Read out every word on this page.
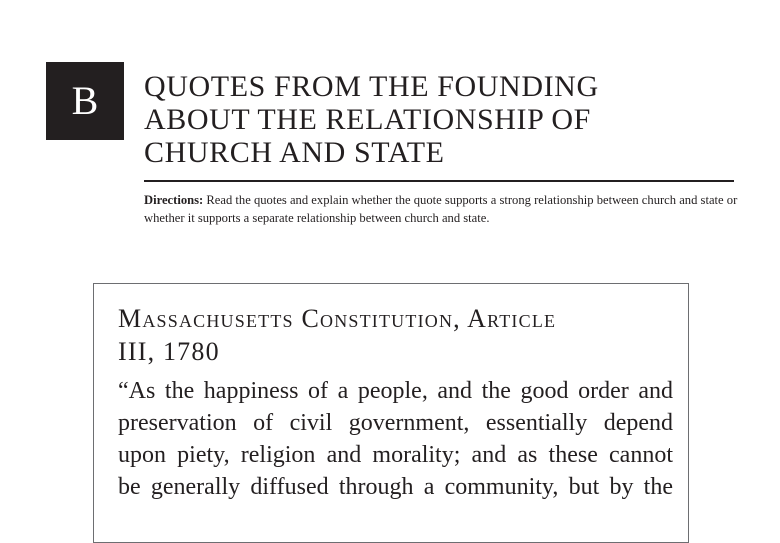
B	QUOTES FROM THE FOUNDING
ABOUT THE RELATIONSHIP OF
CHURCH AND STATE

Directions: Read the quotes and explain whether the quote supports a strong relationship between church and state or whether it supports a separate relationship between church and state.

Massachusetts Constitution, Article
III, 1780

“As the happiness of a people, and the good order and
preservation of civil government, essentially depend
upon piety, religion and morality; and as these cannot
be generally diffused through a community, but by the
